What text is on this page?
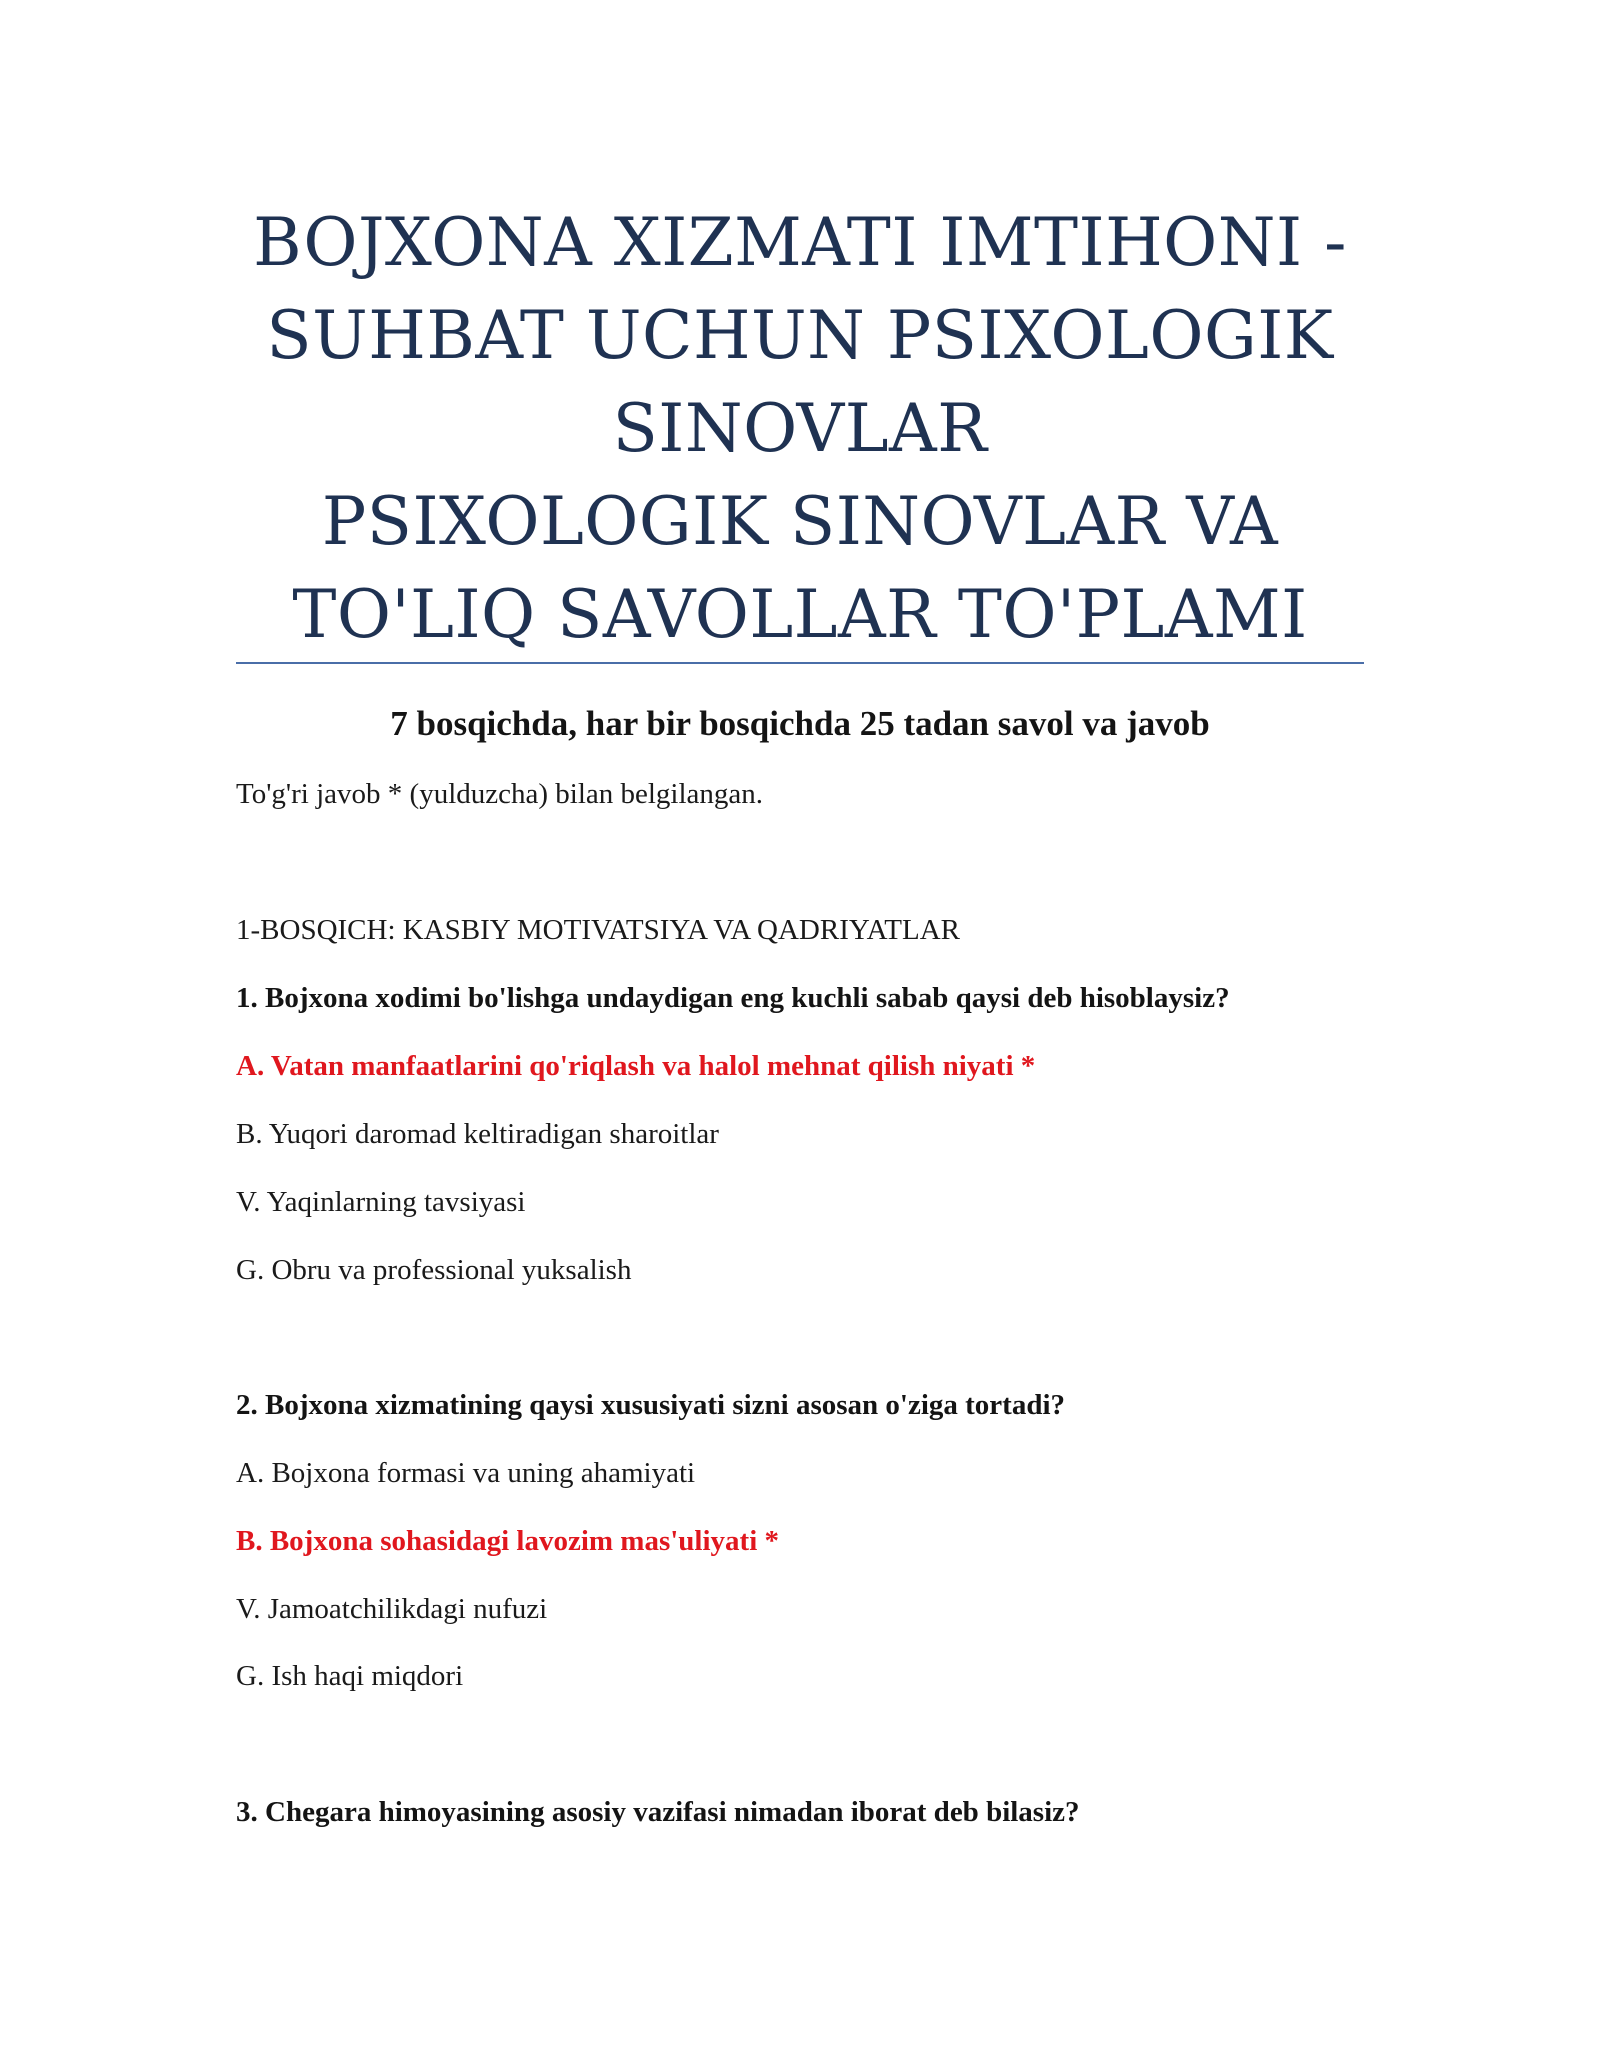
BOJXONA XIZMATI IMTIHONI -
SUHBAT UCHUN PSIXOLOGIK
SINOVLAR
PSIXOLOGIK SINOVLAR VA
TO'LIQ SAVOLLAR TO'PLAMI
7 bosqichda, har bir bosqichda 25 tadan savol va javob
To'g'ri javob * (yulduzcha) bilan belgilangan.
1-BOSQICH: KASBIY MOTIVATSIYA VA QADRIYATLAR
1. Bojxona xodimi bo'lishga undaydigan eng kuchli sabab qaysi deb hisoblaysiz?
A. Vatan manfaatlarini qo'riqlash va halol mehnat qilish niyati *
B. Yuqori daromad keltiradigan sharoitlar
V. Yaqinlarning tavsiyasi
G. Obru va professional yuksalish
2. Bojxona xizmatining qaysi xususiyati sizni asosan o'ziga tortadi?
A. Bojxona formasi va uning ahamiyati
B. Bojxona sohasidagi lavozim mas'uliyati *
V. Jamoatchilikdagi nufuzi
G. Ish haqi miqdori
3. Chegara himoyasining asosiy vazifasi nimadan iborat deb bilasiz?
